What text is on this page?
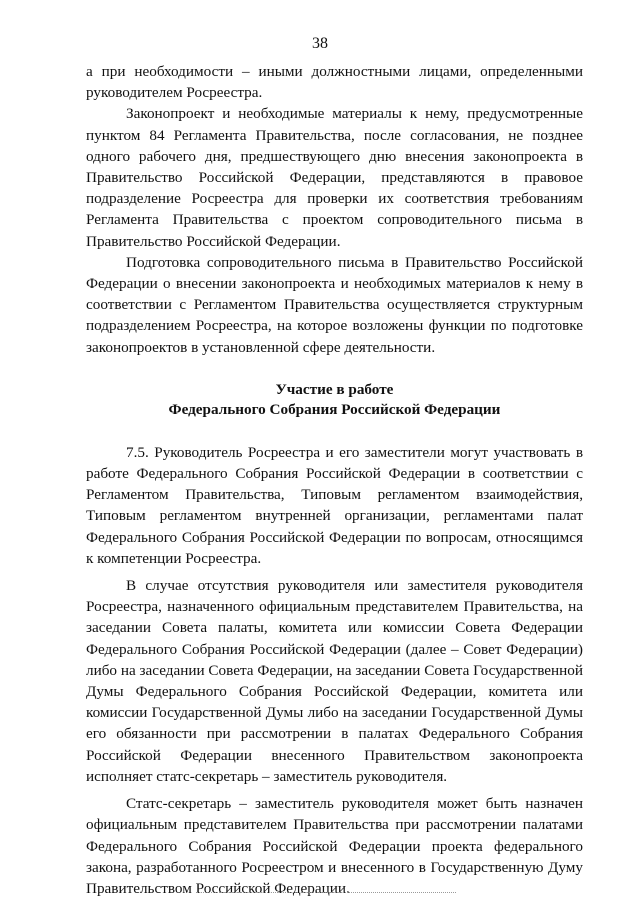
38

а при необходимости – иными должностными лицами, определенными руководителем Росреестра.

Законопроект и необходимые материалы к нему, предусмотренные пунктом 84 Регламента Правительства, после согласования, не позднее одного рабочего дня, предшествующего дню внесения законопроекта в Правительство Российской Федерации, представляются в правовое подразделение Росреестра для проверки их соответствия требованиям Регламента Правительства с проектом сопроводительного письма в Правительство Российской Федерации.

Подготовка сопроводительного письма в Правительство Российской Федерации о внесении законопроекта и необходимых материалов к нему в соответствии с Регламентом Правительства осуществляется структурным подразделением Росреестра, на которое возложены функции по подготовке законопроектов в установленной сфере деятельности.

Участие в работе
Федерального Собрания Российской Федерации

7.5. Руководитель Росреестра и его заместители могут участвовать в работе Федерального Собрания Российской Федерации в соответствии с Регламентом Правительства, Типовым регламентом взаимодействия, Типовым регламентом внутренней организации, регламентами палат Федерального Собрания Российской Федерации по вопросам, относящимся к компетенции Росреестра.

В случае отсутствия руководителя или заместителя руководителя Росреестра, назначенного официальным представителем Правительства, на заседании Совета палаты, комитета или комиссии Совета Федерации Федерального Собрания Российской Федерации (далее – Совет Федерации) либо на заседании Совета Федерации, на заседании Совета Государственной Думы Федерального Собрания Российской Федерации, комитета или комиссии Государственной Думы либо на заседании Государственной Думы его обязанности при рассмотрении в палатах Федерального Собрания Российской Федерации внесенного Правительством законопроекта исполняет статс-секретарь – заместитель руководителя.

Статс-секретарь – заместитель руководителя может быть назначен официальным представителем Правительства при рассмотрении палатами Федерального Собрания Российской Федерации проекта федерального закона, разработанного Росреестром и внесенного в Государственную Думу Правительством Российской Федерации.
